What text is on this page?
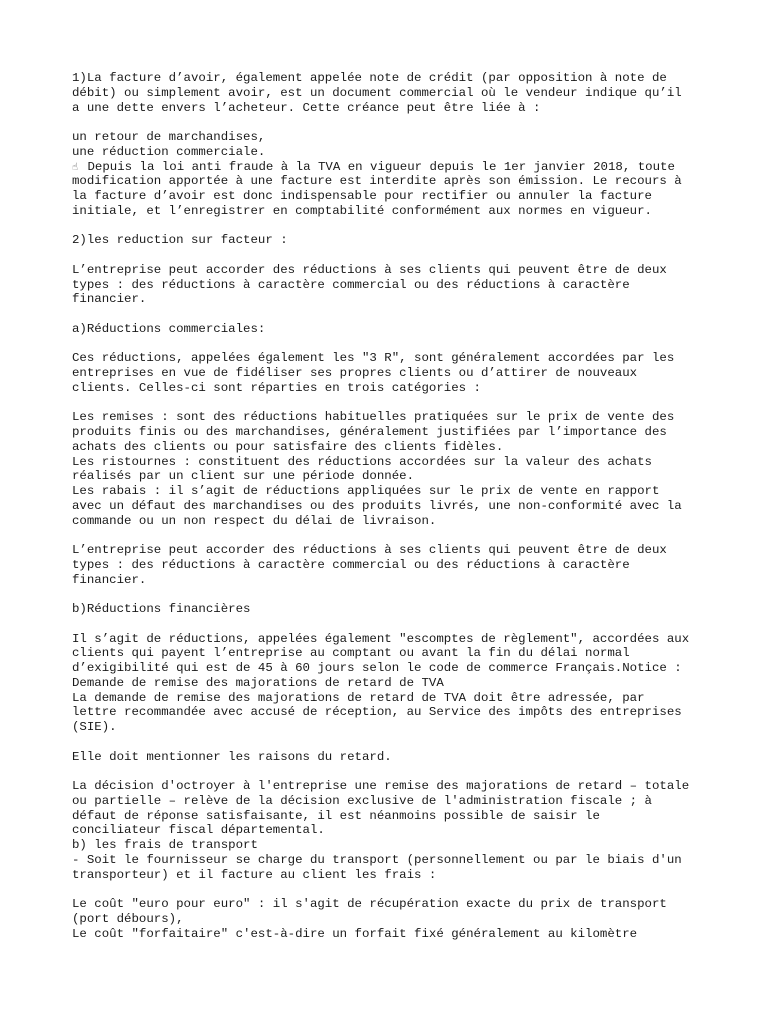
1)La facture d’avoir, également appelée note de crédit (par opposition à note de
débit) ou simplement avoir, est un document commercial où le vendeur indique qu’il
a une dette envers l’acheteur. Cette créance peut être liée à :
un retour de marchandises,
une réduction commerciale.
☝ Depuis la loi anti fraude à la TVA en vigueur depuis le 1er janvier 2018, toute
modification apportée à une facture est interdite après son émission. Le recours à
la facture d’avoir est donc indispensable pour rectifier ou annuler la facture
initiale, et l’enregistrer en comptabilité conformément aux normes en vigueur.
2)les reduction sur facteur :
L’entreprise peut accorder des réductions à ses clients qui peuvent être de deux
types : des réductions à caractère commercial ou des réductions à caractère
financier.
a)Réductions commerciales:
Ces réductions, appelées également les "3 R", sont généralement accordées par les
entreprises en vue de fidéliser ses propres clients ou d’attirer de nouveaux
clients. Celles-ci sont réparties en trois catégories :
Les remises : sont des réductions habituelles pratiquées sur le prix de vente des
produits finis ou des marchandises, généralement justifiées par l’importance des
achats des clients ou pour satisfaire des clients fidèles.
Les ristournes : constituent des réductions accordées sur la valeur des achats
réalisés par un client sur une période donnée.
Les rabais : il s’agit de réductions appliquées sur le prix de vente en rapport
avec un défaut des marchandises ou des produits livrés, une non-conformité avec la
commande ou un non respect du délai de livraison.
L’entreprise peut accorder des réductions à ses clients qui peuvent être de deux
types : des réductions à caractère commercial ou des réductions à caractère
financier.
b)Réductions financières
Il s’agit de réductions, appelées également "escomptes de règlement", accordées aux
clients qui payent l’entreprise au comptant ou avant la fin du délai normal
d’exigibilité qui est de 45 à 60 jours selon le code de commerce Français.Notice :
Demande de remise des majorations de retard de TVA
La demande de remise des majorations de retard de TVA doit être adressée, par
lettre recommandée avec accusé de réception, au Service des impôts des entreprises
(SIE).
Elle doit mentionner les raisons du retard.
La décision d'octroyer à l'entreprise une remise des majorations de retard – totale
ou partielle – relève de la décision exclusive de l'administration fiscale ; à
défaut de réponse satisfaisante, il est néanmoins possible de saisir le
conciliateur fiscal départemental.
b) les frais de transport
- Soit le fournisseur se charge du transport (personnellement ou par le biais d'un
transporteur) et il facture au client les frais :
Le coût "euro pour euro" : il s'agit de récupération exacte du prix de transport
(port débours),
Le coût "forfaitaire" c'est-à-dire un forfait fixé généralement au kilomètre
